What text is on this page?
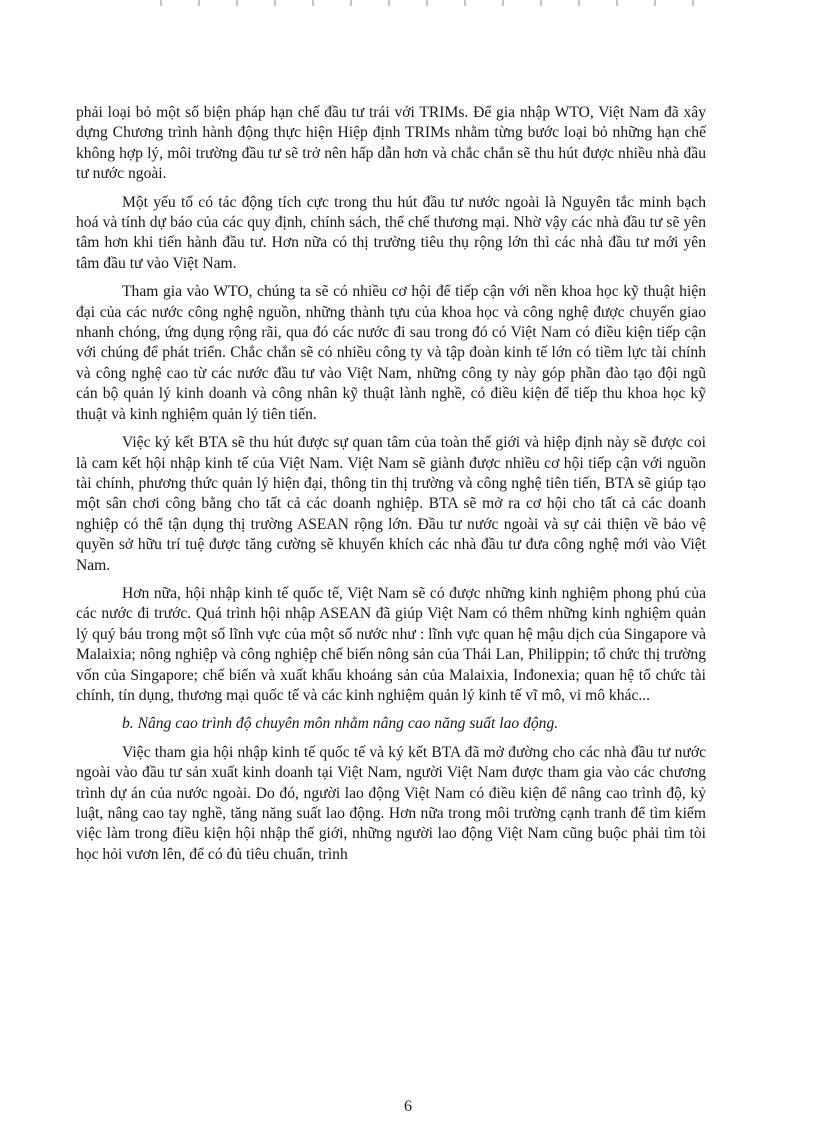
phải loại bỏ một số biện pháp hạn chế đầu tư trái với TRIMs. Để gia nhập WTO, Việt Nam đã xây dựng Chương trình hành động thực hiện Hiệp định TRIMs nhằm từng bước loại bỏ những hạn chế không hợp lý, môi trường đầu tư sẽ trở nên hấp dẫn hơn và chắc chắn sẽ thu hút được nhiều nhà đầu tư nước ngoài.

Một yếu tố có tác động tích cực trong thu hút đầu tư nước ngoài là Nguyên tắc minh bạch hoá và tính dự báo của các quy định, chính sách, thể chế thương mại. Nhờ vậy các nhà đầu tư sẽ yên tâm hơn khi tiến hành đầu tư. Hơn nữa có thị trường tiêu thụ rộng lớn thì các nhà đầu tư mới yên tâm đầu tư vào Việt Nam.

Tham gia vào WTO, chúng ta sẽ có nhiều cơ hội để tiếp cận với nền khoa học kỹ thuật hiện đại của các nước công nghệ nguồn, những thành tựu của khoa học và công nghệ được chuyển giao nhanh chóng, ứng dụng rộng rãi, qua đó các nước đi sau trong đó có Việt Nam có điều kiện tiếp cận với chúng để phát triển. Chắc chắn sẽ có nhiều công ty và tập đoàn kinh tế lớn có tiềm lực tài chính và công nghệ cao từ các nước đầu tư vào Việt Nam, những công ty này góp phần đào tạo đội ngũ cán bộ quản lý kinh doanh và công nhân kỹ thuật lành nghề, có điều kiện để tiếp thu khoa học kỹ thuật và kinh nghiệm quản lý tiên tiến.

Việc ký kết BTA sẽ thu hút được sự quan tâm của toàn thế giới và hiệp định này sẽ được coi là cam kết hội nhập kinh tế của Việt Nam. Việt Nam sẽ giành được nhiều cơ hội tiếp cận với nguồn tài chính, phương thức quản lý hiện đại, thông tin thị trường và công nghệ tiên tiến, BTA sẽ giúp tạo một sân chơi công bằng cho tất cả các doanh nghiệp. BTA sẽ mở ra cơ hội cho tất cả các doanh nghiệp có thể tận dụng thị trường ASEAN rộng lớn. Đầu tư nước ngoài và sự cải thiện về bảo vệ quyền sở hữu trí tuệ được tăng cường sẽ khuyến khích các nhà đầu tư đưa công nghệ mới vào Việt Nam.

Hơn nữa, hội nhập kinh tế quốc tế, Việt Nam sẽ có được những kinh nghiệm phong phú của các nước đi trước. Quá trình hội nhập ASEAN đã giúp Việt Nam có thêm những kinh nghiệm quản lý quý báu trong một số lĩnh vực của một số nước như : lĩnh vực quan hệ mậu dịch của Singapore và Malaixia; nông nghiệp và công nghiệp chế biến nông sản của Thái Lan, Philippin; tổ chức thị trường vốn của Singapore; chế biến và xuất khẩu khoáng sản của Malaixia, Inđonexia; quan hệ tổ chức tài chính, tín dụng, thương mại quốc tế và các kinh nghiệm quản lý kinh tế vĩ mô, vi mô khác...

b. Nâng cao trình độ chuyên môn nhằm nâng cao năng suất lao động.

Việc tham gia hội nhập kinh tế quốc tế và ký kết BTA đã mở đường cho các nhà đầu tư nước ngoài vào đầu tư sản xuất kinh doanh tại Việt Nam, người Việt Nam được tham gia vào các chương trình dự án của nước ngoài. Do đó, người lao động Việt Nam có điều kiện để nâng cao trình độ, kỷ luật, nâng cao tay nghề, tăng năng suất lao động. Hơn nữa trong môi trường cạnh tranh để tìm kiếm việc làm trong điều kiện hội nhập thế giới, những người lao động Việt Nam cũng buộc phải tìm tòi học hỏi vươn lên, để có đủ tiêu chuẩn, trình

6
